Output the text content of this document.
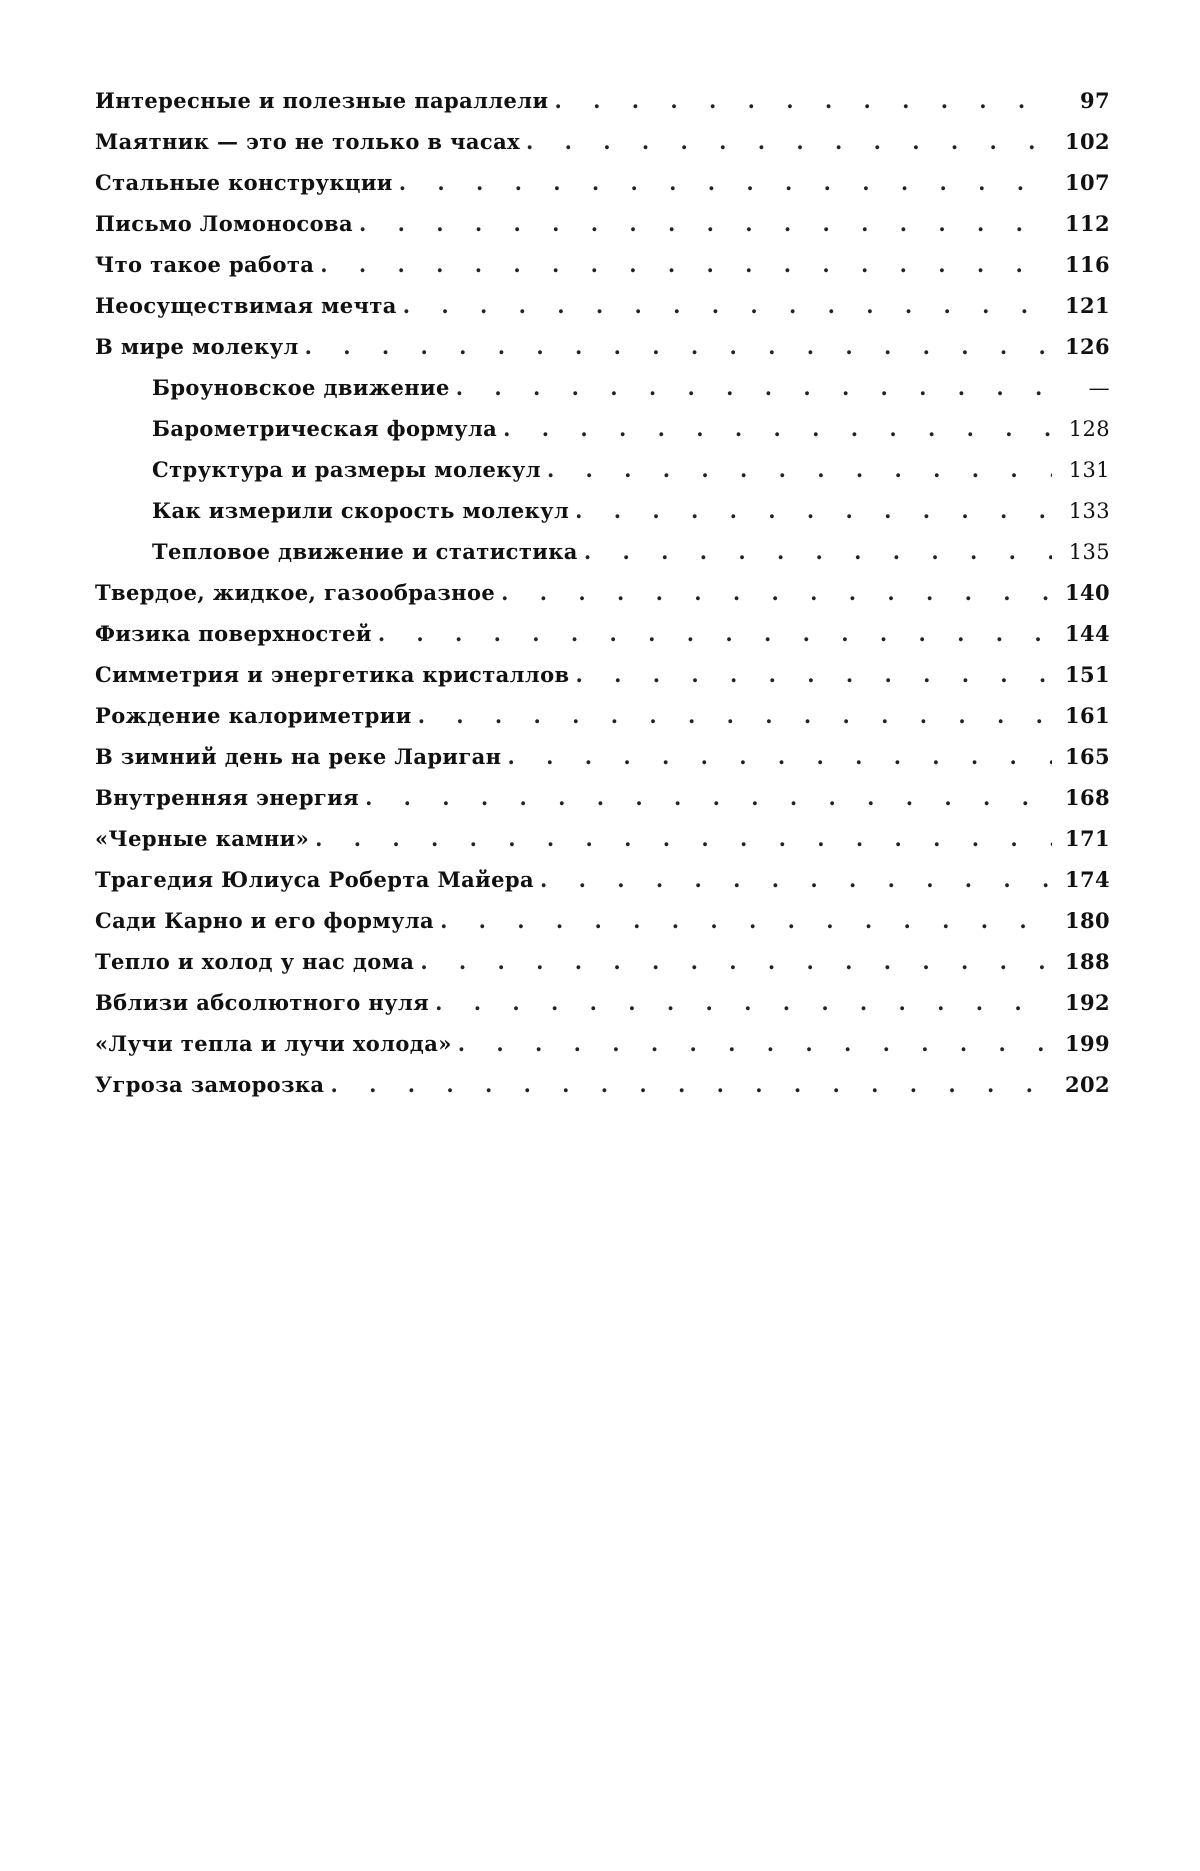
Интересные и полезные параллели . . .	97
Маятник — это не только в часах . . .	102
Стальные конструкции . . .	107
Письмо Ломоносова . . .	112
Что такое работа . . .	116
Неосуществимая мечта . . .	121
В мире молекул . . .	126
Броуновское движение . . .	—
Барометрическая формула . . .	128
Структура и размеры молекул . . .	131
Как измерили скорость молекул . . .	133
Тепловое движение и статистика . . .	135
Твердое, жидкое, газообразное . . .	140
Физика поверхностей . . .	144
Симметрия и энергетика кристаллов . . .	151
Рождение калориметрии . . .	161
В зимний день на реке Лариган . . .	165
Внутренняя энергия . . .	168
«Черные камни» . . .	171
Трагедия Юлиуса Роберта Майера . . .	174
Сади Карно и его формула . . .	180
Тепло и холод у нас дома . . .	188
Вблизи абсолютного нуля . . .	192
«Лучи тепла и лучи холода» . . .	199
Угроза заморозка . . .	202
